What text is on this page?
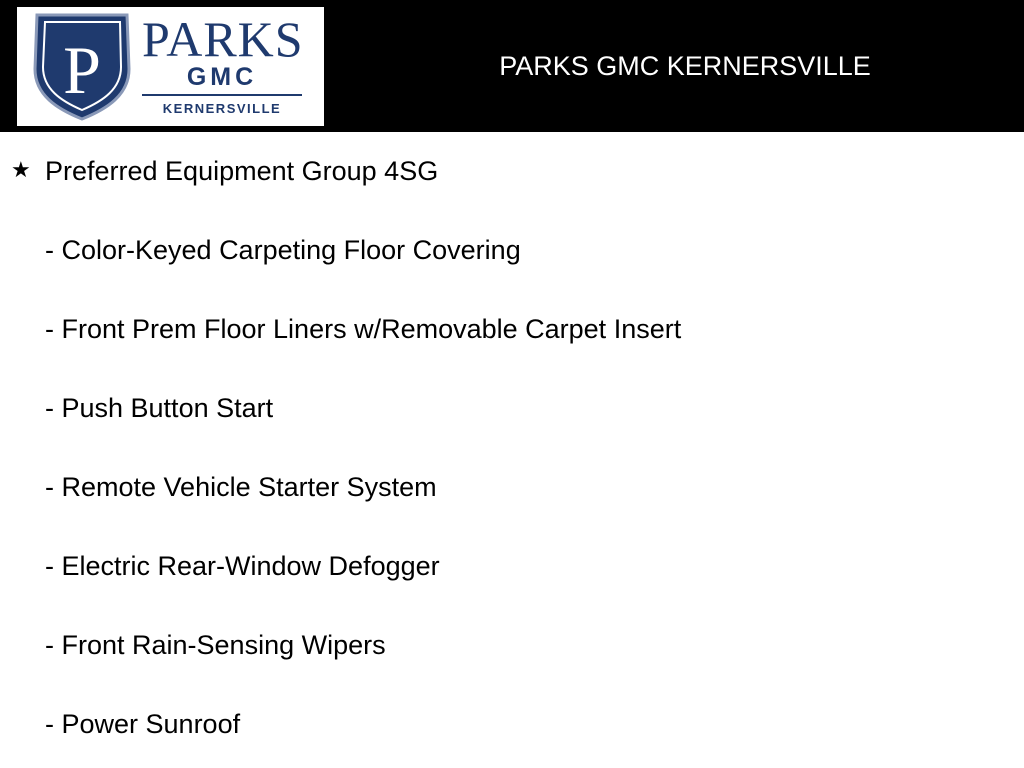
P PARKS
GMC
KERNERSVILLE
PARKS GMC KERNERSVILLE
★ Preferred Equipment Group 4SG
- Color-Keyed Carpeting Floor Covering
- Front Prem Floor Liners w/Removable Carpet Insert
- Push Button Start
- Remote Vehicle Starter System
- Electric Rear-Window Defogger
- Front Rain-Sensing Wipers
- Power Sunroof
